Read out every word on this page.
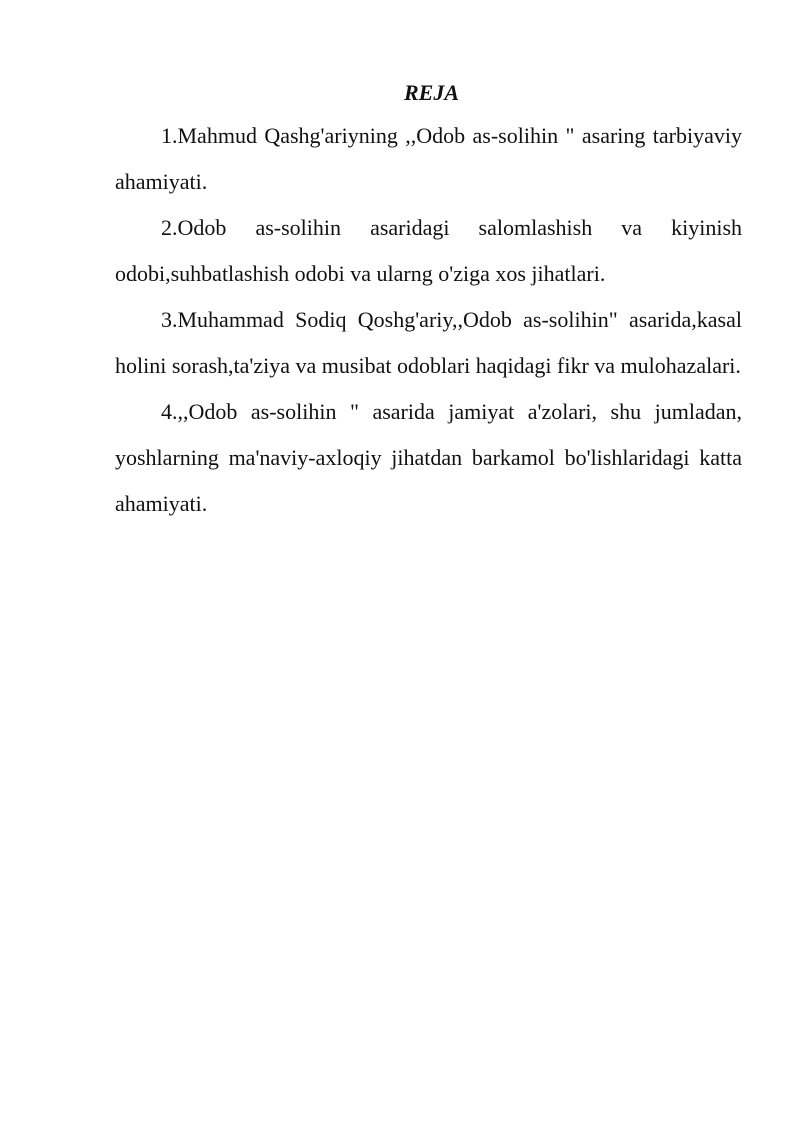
REJA

1.Mahmud Qashg'ariyning ,,Odob as-solihin " asaring tarbiyaviy ahamiyati.

2.Odob as-solihin asaridagi salomlashish va kiyinish odobi,suhbatlashish odobi va ularng o'ziga xos jihatlari.

3.Muhammad Sodiq Qoshg'ariy,,Odob as-solihin" asarida,kasal holini sorash,ta'ziya va musibat odoblari haqidagi fikr va mulohazalari.

4.,,Odob as-solihin " asarida jamiyat a'zolari, shu jumladan, yoshlarning ma'naviy-axloqiy jihatdan barkamol bo'lishlaridagi katta ahamiyati.
